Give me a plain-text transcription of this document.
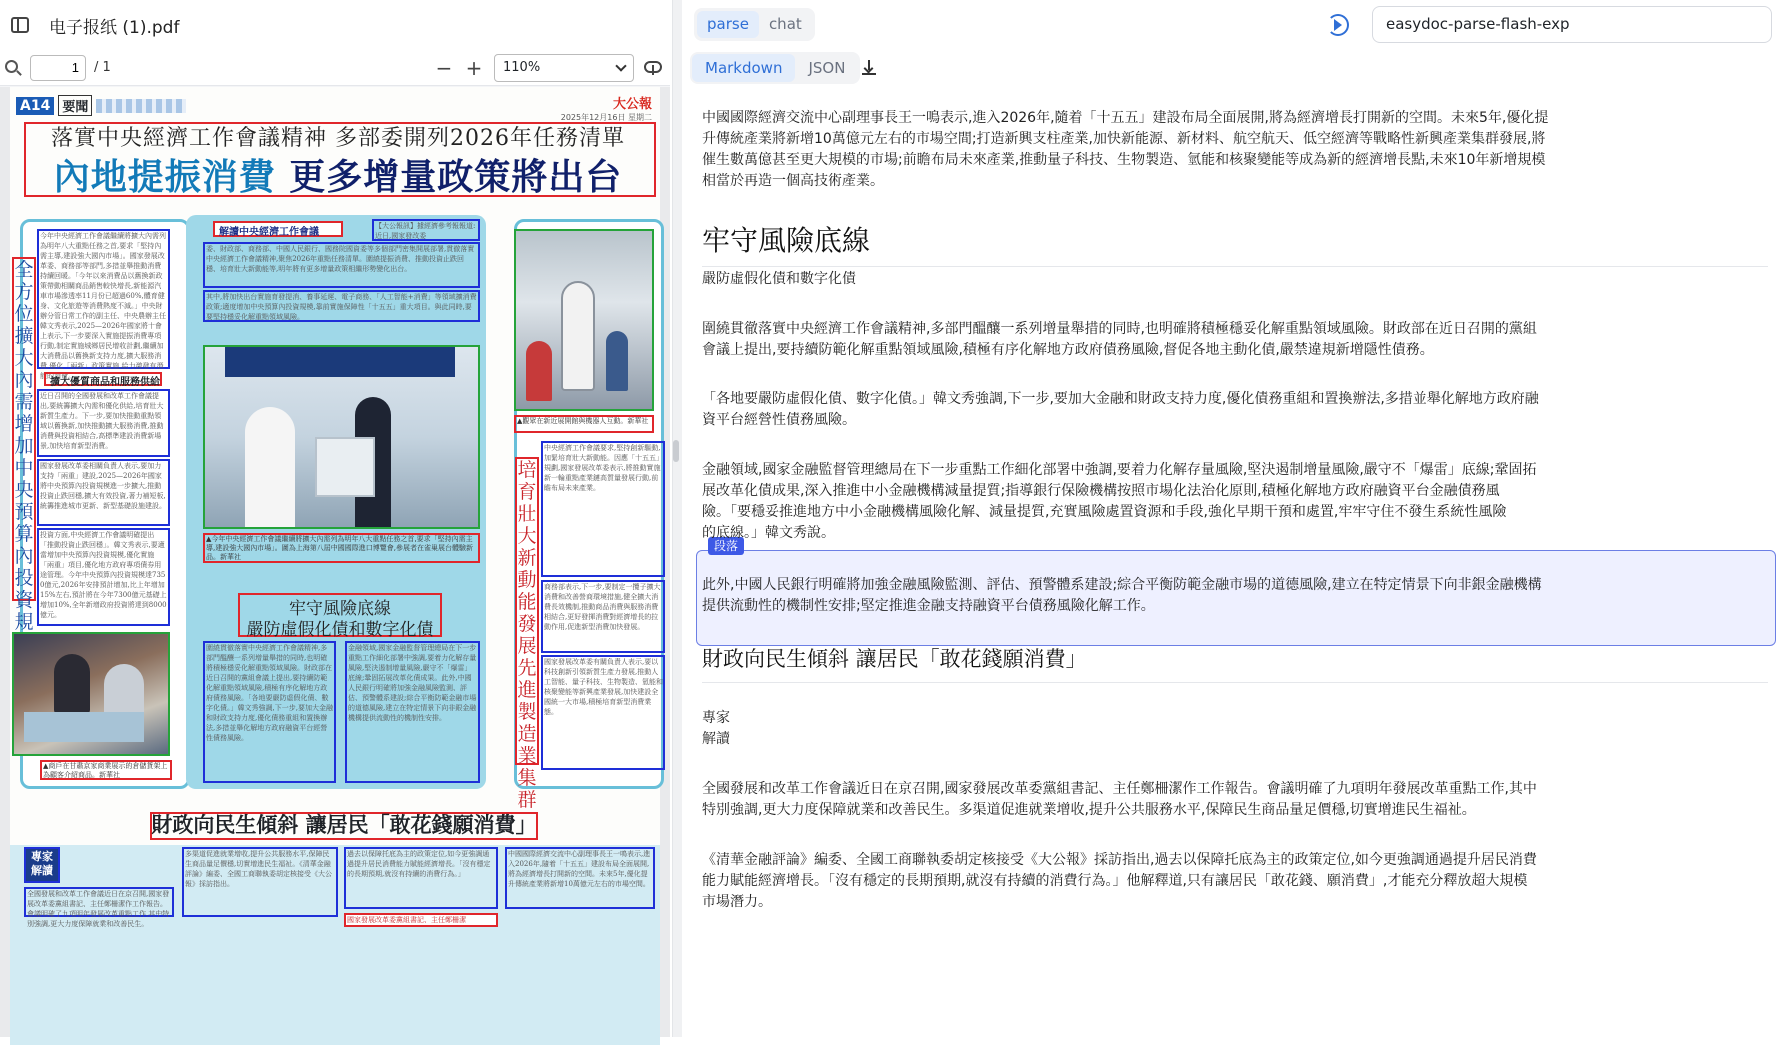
电子报纸 (1).pdf
1
/ 1	− + 110%
A14 要聞	大公報
2025年12月16日 星期二
落實中央經濟工作會議精神 多部委開列2026年任務清單
內地提振消費 更多增量政策將出台
全方位擴大內需 增加中央預算內投資規
今年中央經濟工作會議繼續將擴大內需列為明年八大重點任務之首,要求「堅持內需主導,建設強大國內市場」。國家發展改革委、商務部等部門,多措並舉推動消費持續回暖。「今年以來消費品以舊換新政策帶動相關商品銷售較快增長,新能源汽車市場滲透率11月份已超過60%,體育健身、文化旅遊等消費熱度不減。」中央財辦分管日常工作的副主任、中央農辦主任韓文秀表示,2025—2026年國家將十會上表示,下一步要深入實施提振消費專項行動,制定實施城鄉居民增收計劃,繼續加大消費品以舊換新支持力度,擴大服務消費,優化「兩新」政策實施,給力激發有潛能的消費。
擴大優質商品和服務供給
近日召開的全國發展和改革工作會議提出,要統籌擴大內需和優化供給,培育壯大新質生產力。下一步,要加快推動重點領域以舊換新,加快推動擴大服務消費,推動消費與投資相結合,高標準建設消費新場景,加快培育新型消費。
國家發展改革委相關負責人表示,要加力支持「兩重」建設,2025—2026年國家將中央預算內投資規模進一步擴大,推動投資止跌回穩,擴大有效投資,著力補短板,統籌推進城市更新、新型基礎設施建設。
投資方面,中央經濟工作會議明確提出「推動投資止跌回穩」。韓文秀表示,要適當增加中央預算內投資規模,優化實施「兩重」項目,優化地方政府專項債券用途管理。今年中央預算內投資規模達7350億元,2026年安排預計增加,比上年增加15%左右,預計將在今年7300億元基礎上增加10%,全年新增政府投資將達到8000億元。
▲商戶在甘肅京家商業展示的倉儲貨架上為顧客介紹商品。新華社
解讀中央經濟工作會議
【大公報訊】據經濟參考報報道:近日,國家發改委
委、財政部、商務部、中國人民銀行、國務院國資委等多個部門密集開展部署,貫徹落實中央經濟工作會議精神,聚焦2026年重點任務清單。圍繞提振消費、推動投資止跌回穩、培育壯大新動能等,明年將有更多增量政策相繼形勢變化出台。
其中,將加快出台實施育發提消、養事延遲、電子商務、「人工智能+消費」等領域擴消費政策;適度增加中央預算內投資規模,靠前實施保障性「十五五」重大項目。與此同時,要要堅持穩妥化解重點領域風險。
▲今年中央經濟工作會議繼續將擴大內需列為明年八大重點任務之首,要求「堅持內需主導,建設強大國內市場」。圖為上海第八屆中國國際進口博覽會,參展者在雀巢展台體驗新品。新華社
牢守風險底線
嚴防虛假化債和數字化債
圍繞貫徹落實中央經濟工作會議精神,多部門醞釀一系列增量舉措的同時,也明確將積極穩妥化解重點領域風險。財政部在近日召開的黨組會議上提出,要持續防範化解重點領域風險,積極有序化解地方政府債務風險。「各地要嚴防虛假化債、數字化債。」韓文秀強調,下一步,要加大金融和財政支持力度,優化債務重組和置換辦法,多措並舉化解地方政府融資平台經營性債務風險。
金融領域,國家金融監督管理總局在下一步重點工作細化部署中強調,要着力化解存量風險,堅決遏制增量風險,嚴守不「爆雷」底線;鞏固拓展改革化債成果。此外,中國人民銀行明確將加強金融風險監測、評估、預警體系建設;綜合平衡防範金融市場的道德風險,建立在特定情景下向非銀金融機構提供流動性的機制性安排。
▲觀眾在新近展開館與機器人互動。新華社
培育壯大新動能 發展先進製造業集群
中央經濟工作會議要求,堅持創新驅動,加緊培育壯大新動能。因應「十五五」規劃,國家發展改革委表示,將推動實施新一輪重點產業鏈高質量發展行動,前瞻布局未來產業。
商務部表示,下一步,要制定一攬子擴大消費和改善營商環境措施,健全擴大消費長效機制,推動商品消費與服務消費相結合,更好發揮消費對經濟增長的拉動作用,促進新型消費加快發展。
國家發展改革委有關負責人表示,要以科技創新引領新質生產力發展,推動人工智能、量子科技、生物製造、氫能和核聚變能等新興產業發展,加快建設全國統一大市場,積極培育新型消費業態。
財政向民生傾斜 讓居民「敢花錢願消費」
專家解讀
全國發展和改革工作會議近日在京召開,國家發展改革委黨組書記、主任鄭柵潔作工作報告。會議明確了九項明年發展改革重點工作,其中特別強調,更大力度保障就業和改善民生。
多渠道促進就業增收,提升公共服務水平,保障民生商品量足價穩,切實增進民生福祉。《清華金融評論》編委、全國工商聯執委胡定核接受《大公報》採訪指出。
過去以保障托底為主的政策定位,如今更強調通過提升居民消費能力賦能經濟增長。「沒有穩定的長期預期,就沒有持續的消費行為。」
中國國際經濟交流中心副理事長王一鳴表示,進入2026年,隨着「十五五」建設布局全面展開,將為經濟增長打開新的空間。未來5年,優化提升傳統產業將新增10萬億元左右的市場空間。
國家發展改革委黨組書記、主任鄭柵潔
parse	chat	easydoc-parse-flash-exp
Markdown	JSON
段落

中國國際經濟交流中心副理事長王一鳴表示,進入2026年,隨着「十五五」建設布局全面展開,將為經濟增長打開新的空間。未來5年,優化提

升傳統產業將新增10萬億元左右的市場空間;打造新興支柱產業,加快新能源、新材料、航空航天、低空經濟等戰略性新興產業集群發展,將

催生數萬億甚至更大規模的市場;前瞻布局未來產業,推動量子科技、生物製造、氫能和核聚變能等成為新的經濟增長點,未來10年新增規模

相當於再造一個高技術產業。

牢守風險底線

嚴防虛假化債和數字化債

圍繞貫徹落實中央經濟工作會議精神,多部門醞釀一系列增量舉措的同時,也明確將積極穩妥化解重點領域風險。財政部在近日召開的黨組

會議上提出,要持續防範化解重點領域風險,積極有序化解地方政府債務風險,督促各地主動化債,嚴禁違規新增隱性債務。

「各地要嚴防虛假化債、數字化債。」韓文秀強調,下一步,要加大金融和財政支持力度,優化債務重組和置換辦法,多措並舉化解地方政府融

資平台經營性債務風險。

金融領域,國家金融監督管理總局在下一步重點工作細化部署中強調,要着力化解存量風險,堅決遏制增量風險,嚴守不「爆雷」底線;鞏固拓

展改革化債成果,深入推進中小金融機構減量提質;指導銀行保險機構按照市場化法治化原則,積極化解地方政府融資平台金融債務風

險。「要穩妥推進地方中小金融機構風險化解、減量提質,充實風險處置資源和手段,強化早期干預和處置,牢牢守住不發生系統性風險

的底線。」韓文秀說。

此外,中國人民銀行明確將加強金融風險監測、評估、預警體系建設;綜合平衡防範金融市場的道德風險,建立在特定情景下向非銀金融機構

提供流動性的機制性安排;堅定推進金融支持融資平台債務風險化解工作。

財政向民生傾斜 讓居民「敢花錢願消費」

專家

解讀

全國發展和改革工作會議近日在京召開,國家發展改革委黨組書記、主任鄭柵潔作工作報告。會議明確了九項明年發展改革重點工作,其中

特別強調,更大力度保障就業和改善民生。多渠道促進就業增收,提升公共服務水平,保障民生商品量足價穩,切實增進民生福祉。

《清華金融評論》編委、全國工商聯執委胡定核接受《大公報》採訪指出,過去以保障托底為主的政策定位,如今更強調通過提升居民消費

能力賦能經濟增長。「沒有穩定的長期預期,就沒有持續的消費行為。」他解釋道,只有讓居民「敢花錢、願消費」,才能充分釋放超大規模

市場潛力。
